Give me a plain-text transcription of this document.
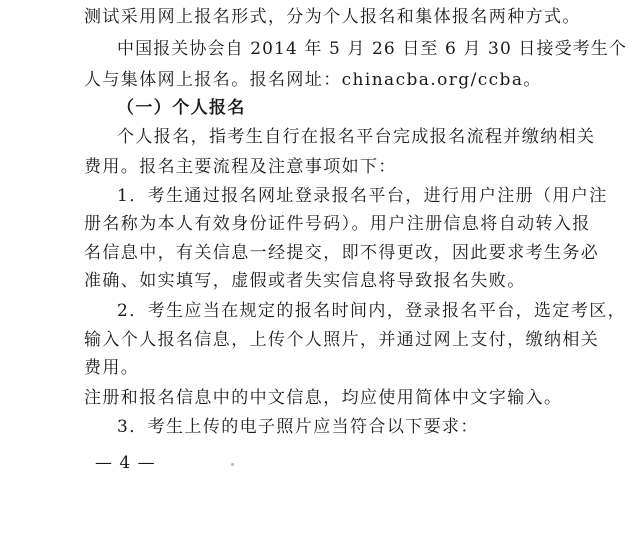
测试采用网上报名形式，分为个人报名和集体报名两种方式。
中国报关协会自 2014 年 5 月 26 日至 6 月 30 日接受考生个
人与集体网上报名。报名网址：chinacba.org/ccba。
（一）个人报名
个人报名，指考生自行在报名平台完成报名流程并缴纳相关
费用。报名主要流程及注意事项如下：
1．考生通过报名网址登录报名平台，进行用户注册（用户注
册名称为本人有效身份证件号码）。用户注册信息将自动转入报
名信息中，有关信息一经提交，即不得更改，因此要求考生务必
准确、如实填写，虚假或者失实信息将导致报名失败。
2．考生应当在规定的报名时间内，登录报名平台，选定考区，
输入个人报名信息，上传个人照片，并通过网上支付，缴纳相关
费用。
注册和报名信息中的中文信息，均应使用简体中文字输入。
3．考生上传的电子照片应当符合以下要求：
— 4 —
